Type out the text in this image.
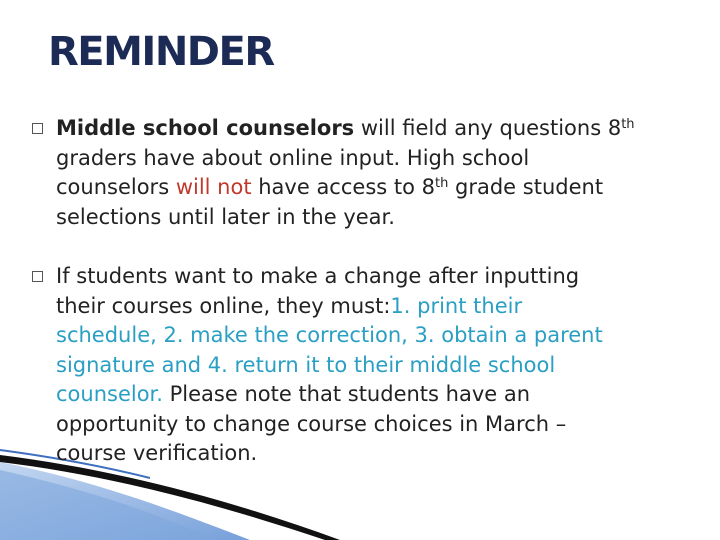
REMINDER
Middle school counselors will field any questions 8th
graders have about online input. High school
counselors will not have access to 8th grade student
selections until later in the year.
If students want to make a change after inputting
their courses online, they must:1. print their
schedule, 2. make the correction, 3. obtain a parent
signature and 4. return it to their middle school
counselor. Please note that students have an
opportunity to change course choices in March –
course verification.
